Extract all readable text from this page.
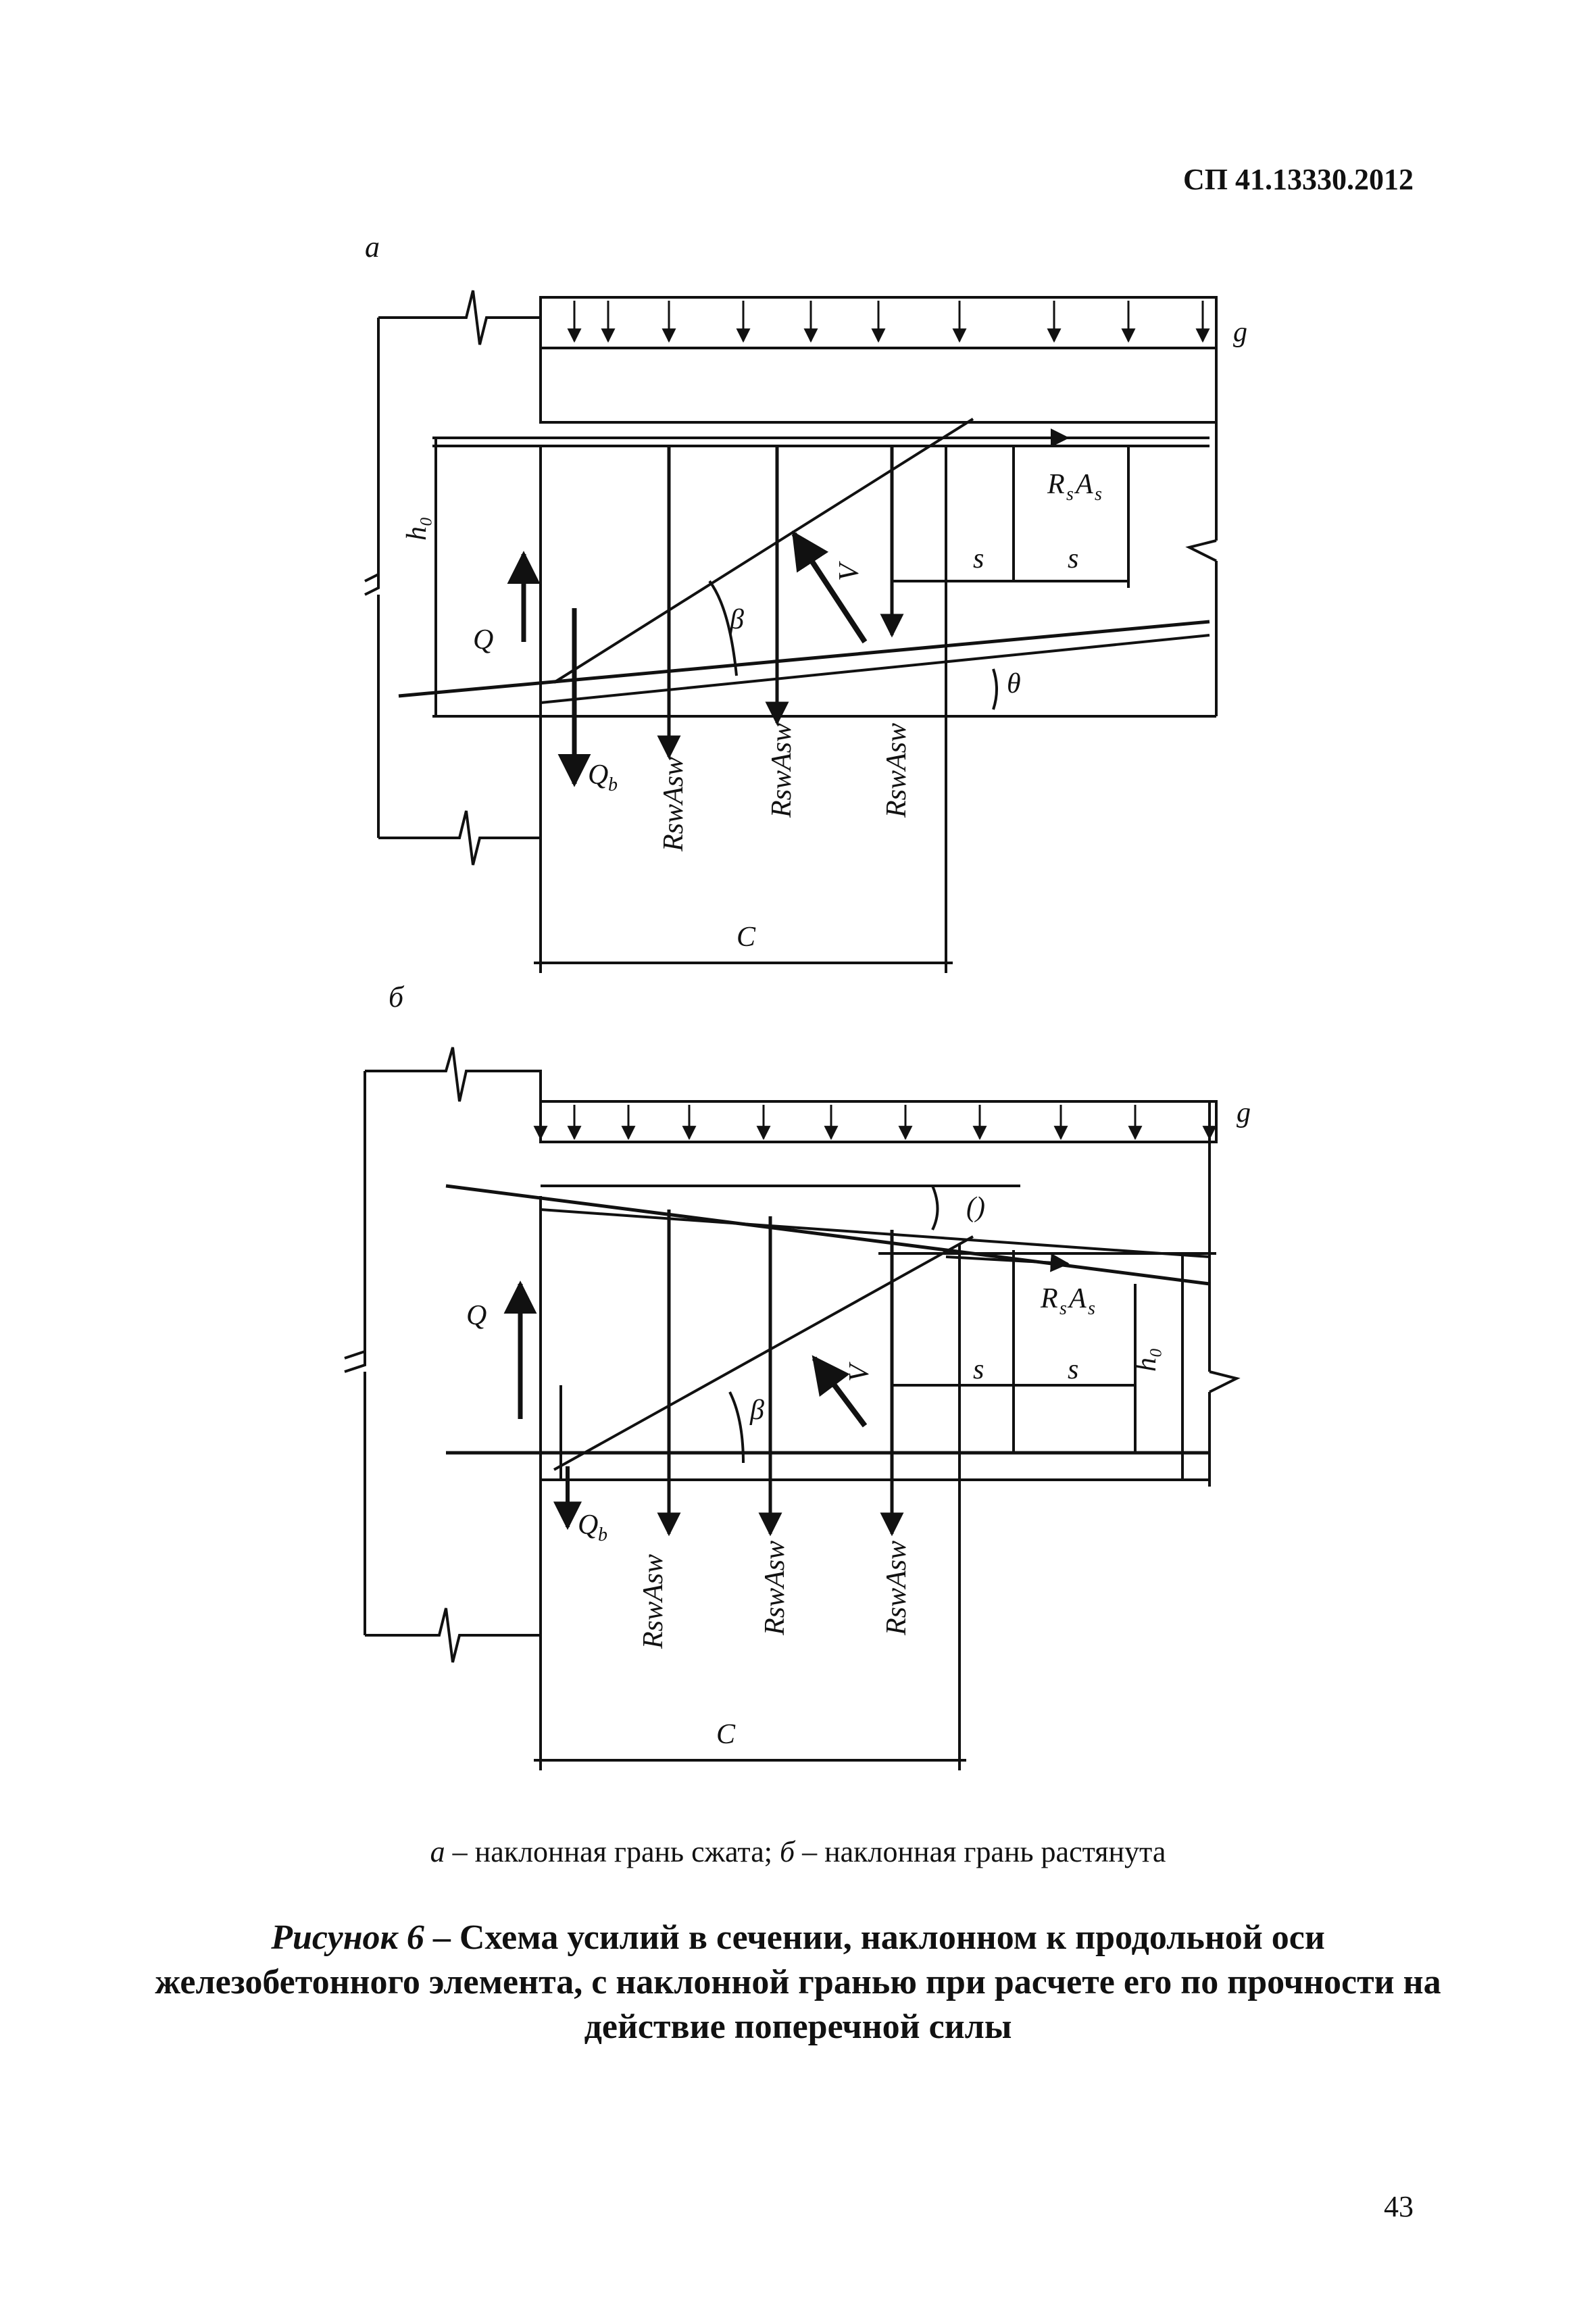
СП 41.13330.2012
а
б
g
h₀
Q
Q b
R s A s
V
β
θ
s	s
C
RswAsw	RswAsw	RswAsw
g
h₀
Q
Q b
R s A s
V
β
()
s	s
C
RswAsw	RswAsw	RswAsw
а – наклонная грань сжата; б – наклонная грань растянута
Рисунок 6 – Схема усилий в сечении, наклонном к продольной оси железобетонного элемента, с наклонной гранью при расчете его по прочности на действие поперечной силы
43
